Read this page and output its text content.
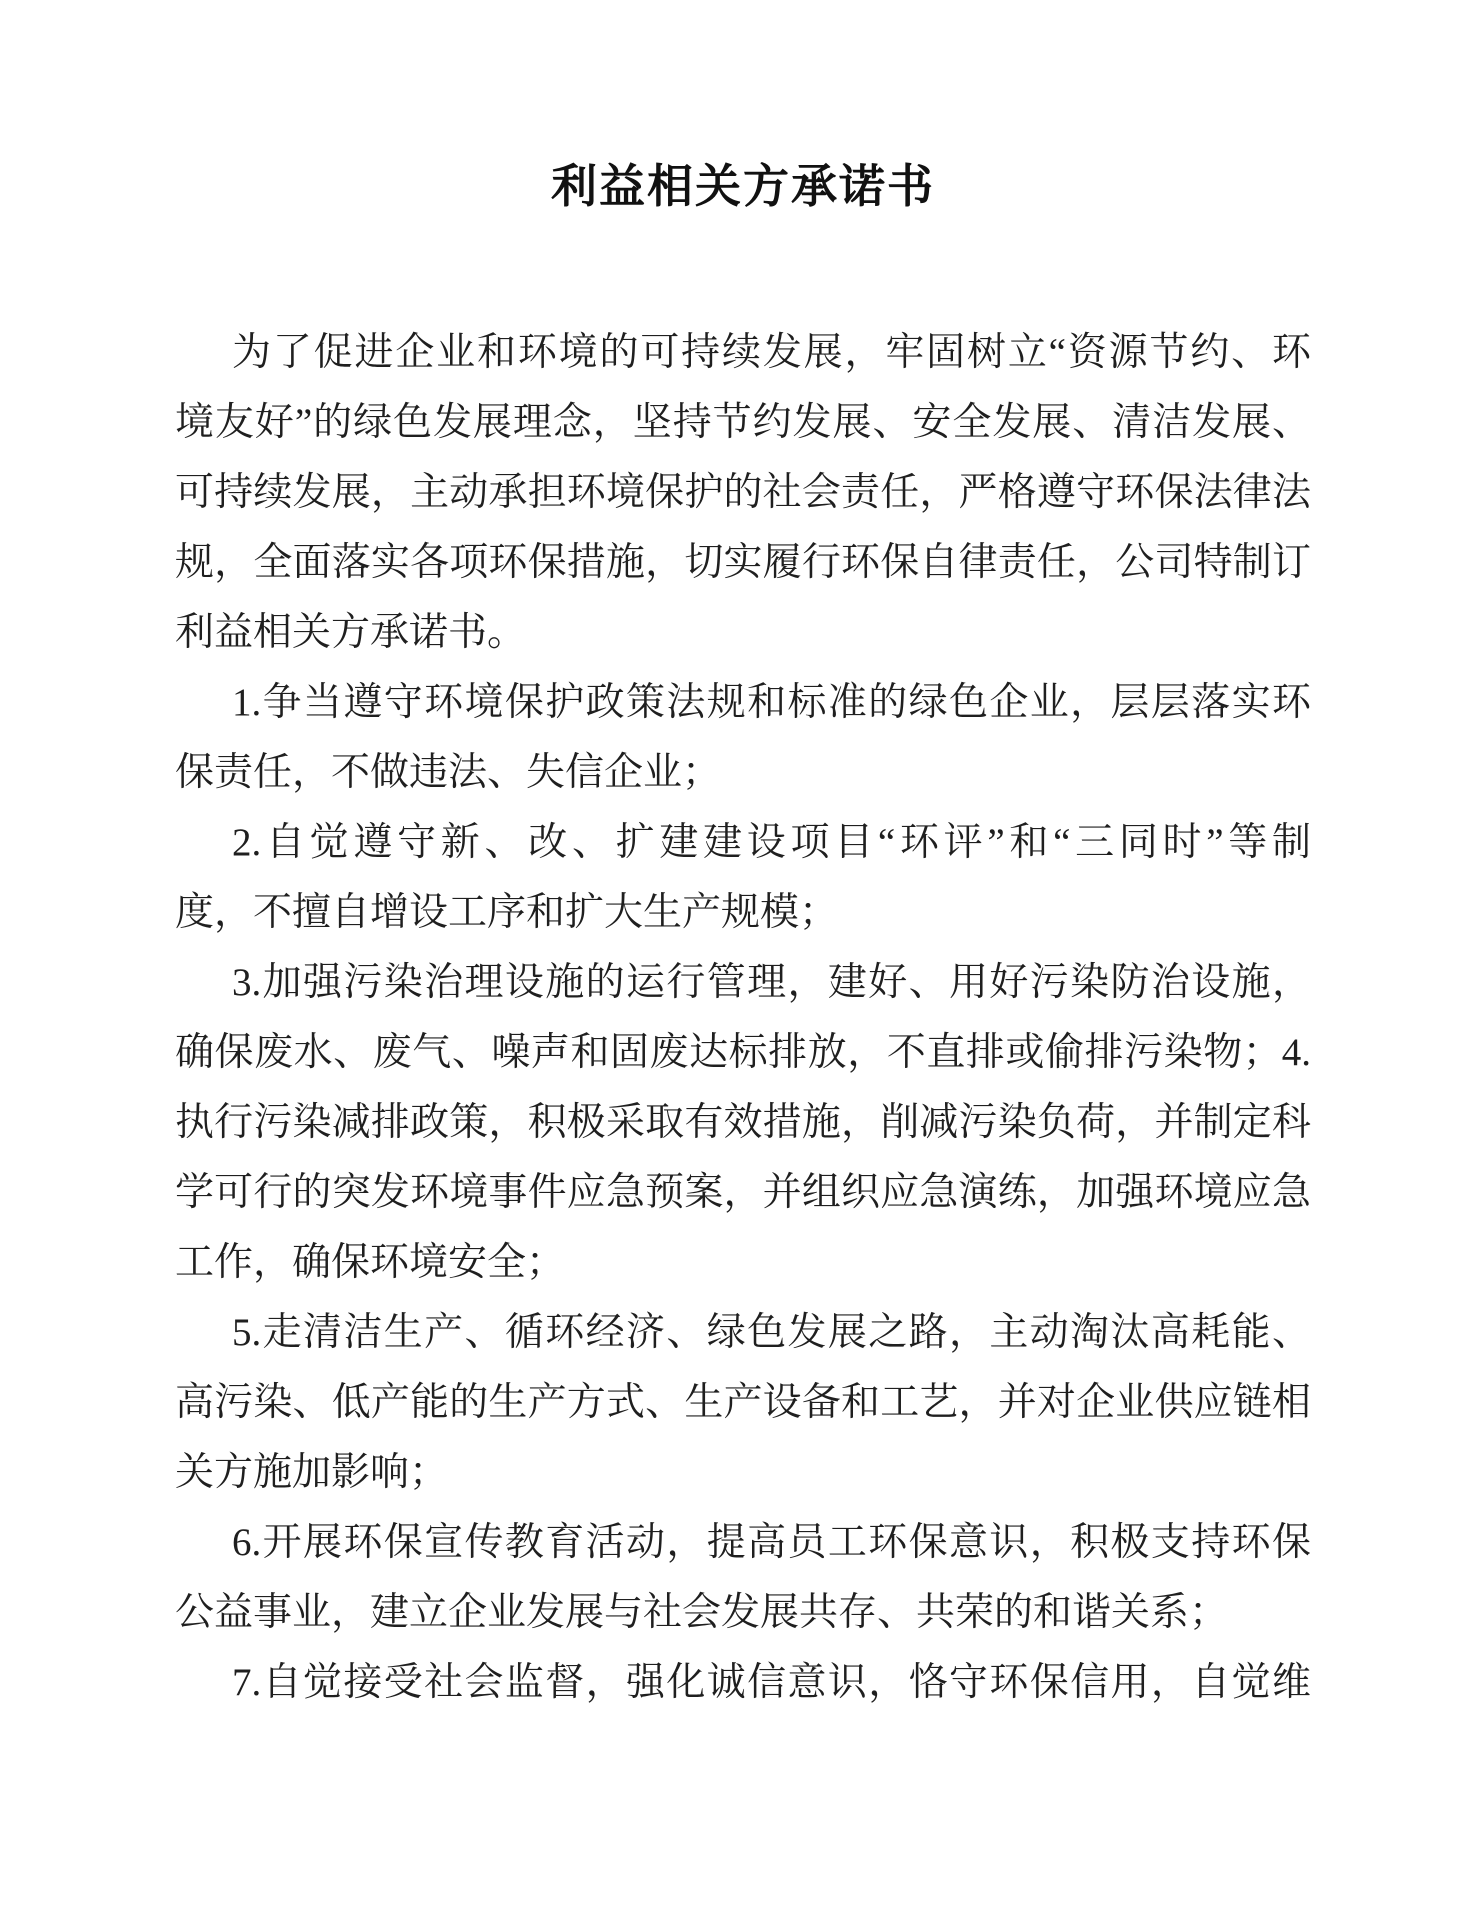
利益相关方承诺书
为了促进企业和环境的可持续发展，牢固树立“资源节约、环
境友好”的绿色发展理念，坚持节约发展、安全发展、清洁发展、
可持续发展，主动承担环境保护的社会责任，严格遵守环保法律法
规，全面落实各项环保措施，切实履行环保自律责任，公司特制订
利益相关方承诺书。
1.争当遵守环境保护政策法规和标准的绿色企业，层层落实环
保责任，不做违法、失信企业；
2.自觉遵守新、改、扩建建设项目“环评”和“三同时”等制
度，不擅自增设工序和扩大生产规模；
3.加强污染治理设施的运行管理，建好、用好污染防治设施，
确保废水、废气、噪声和固废达标排放，不直排或偷排污染物；4.
执行污染减排政策，积极采取有效措施，削减污染负荷，并制定科
学可行的突发环境事件应急预案，并组织应急演练，加强环境应急
工作，确保环境安全；
5.走清洁生产、循环经济、绿色发展之路，主动淘汰高耗能、
高污染、低产能的生产方式、生产设备和工艺，并对企业供应链相
关方施加影响；
6.开展环保宣传教育活动，提高员工环保意识，积极支持环保
公益事业，建立企业发展与社会发展共存、共荣的和谐关系；
7.自觉接受社会监督，强化诚信意识，恪守环保信用，自觉维
